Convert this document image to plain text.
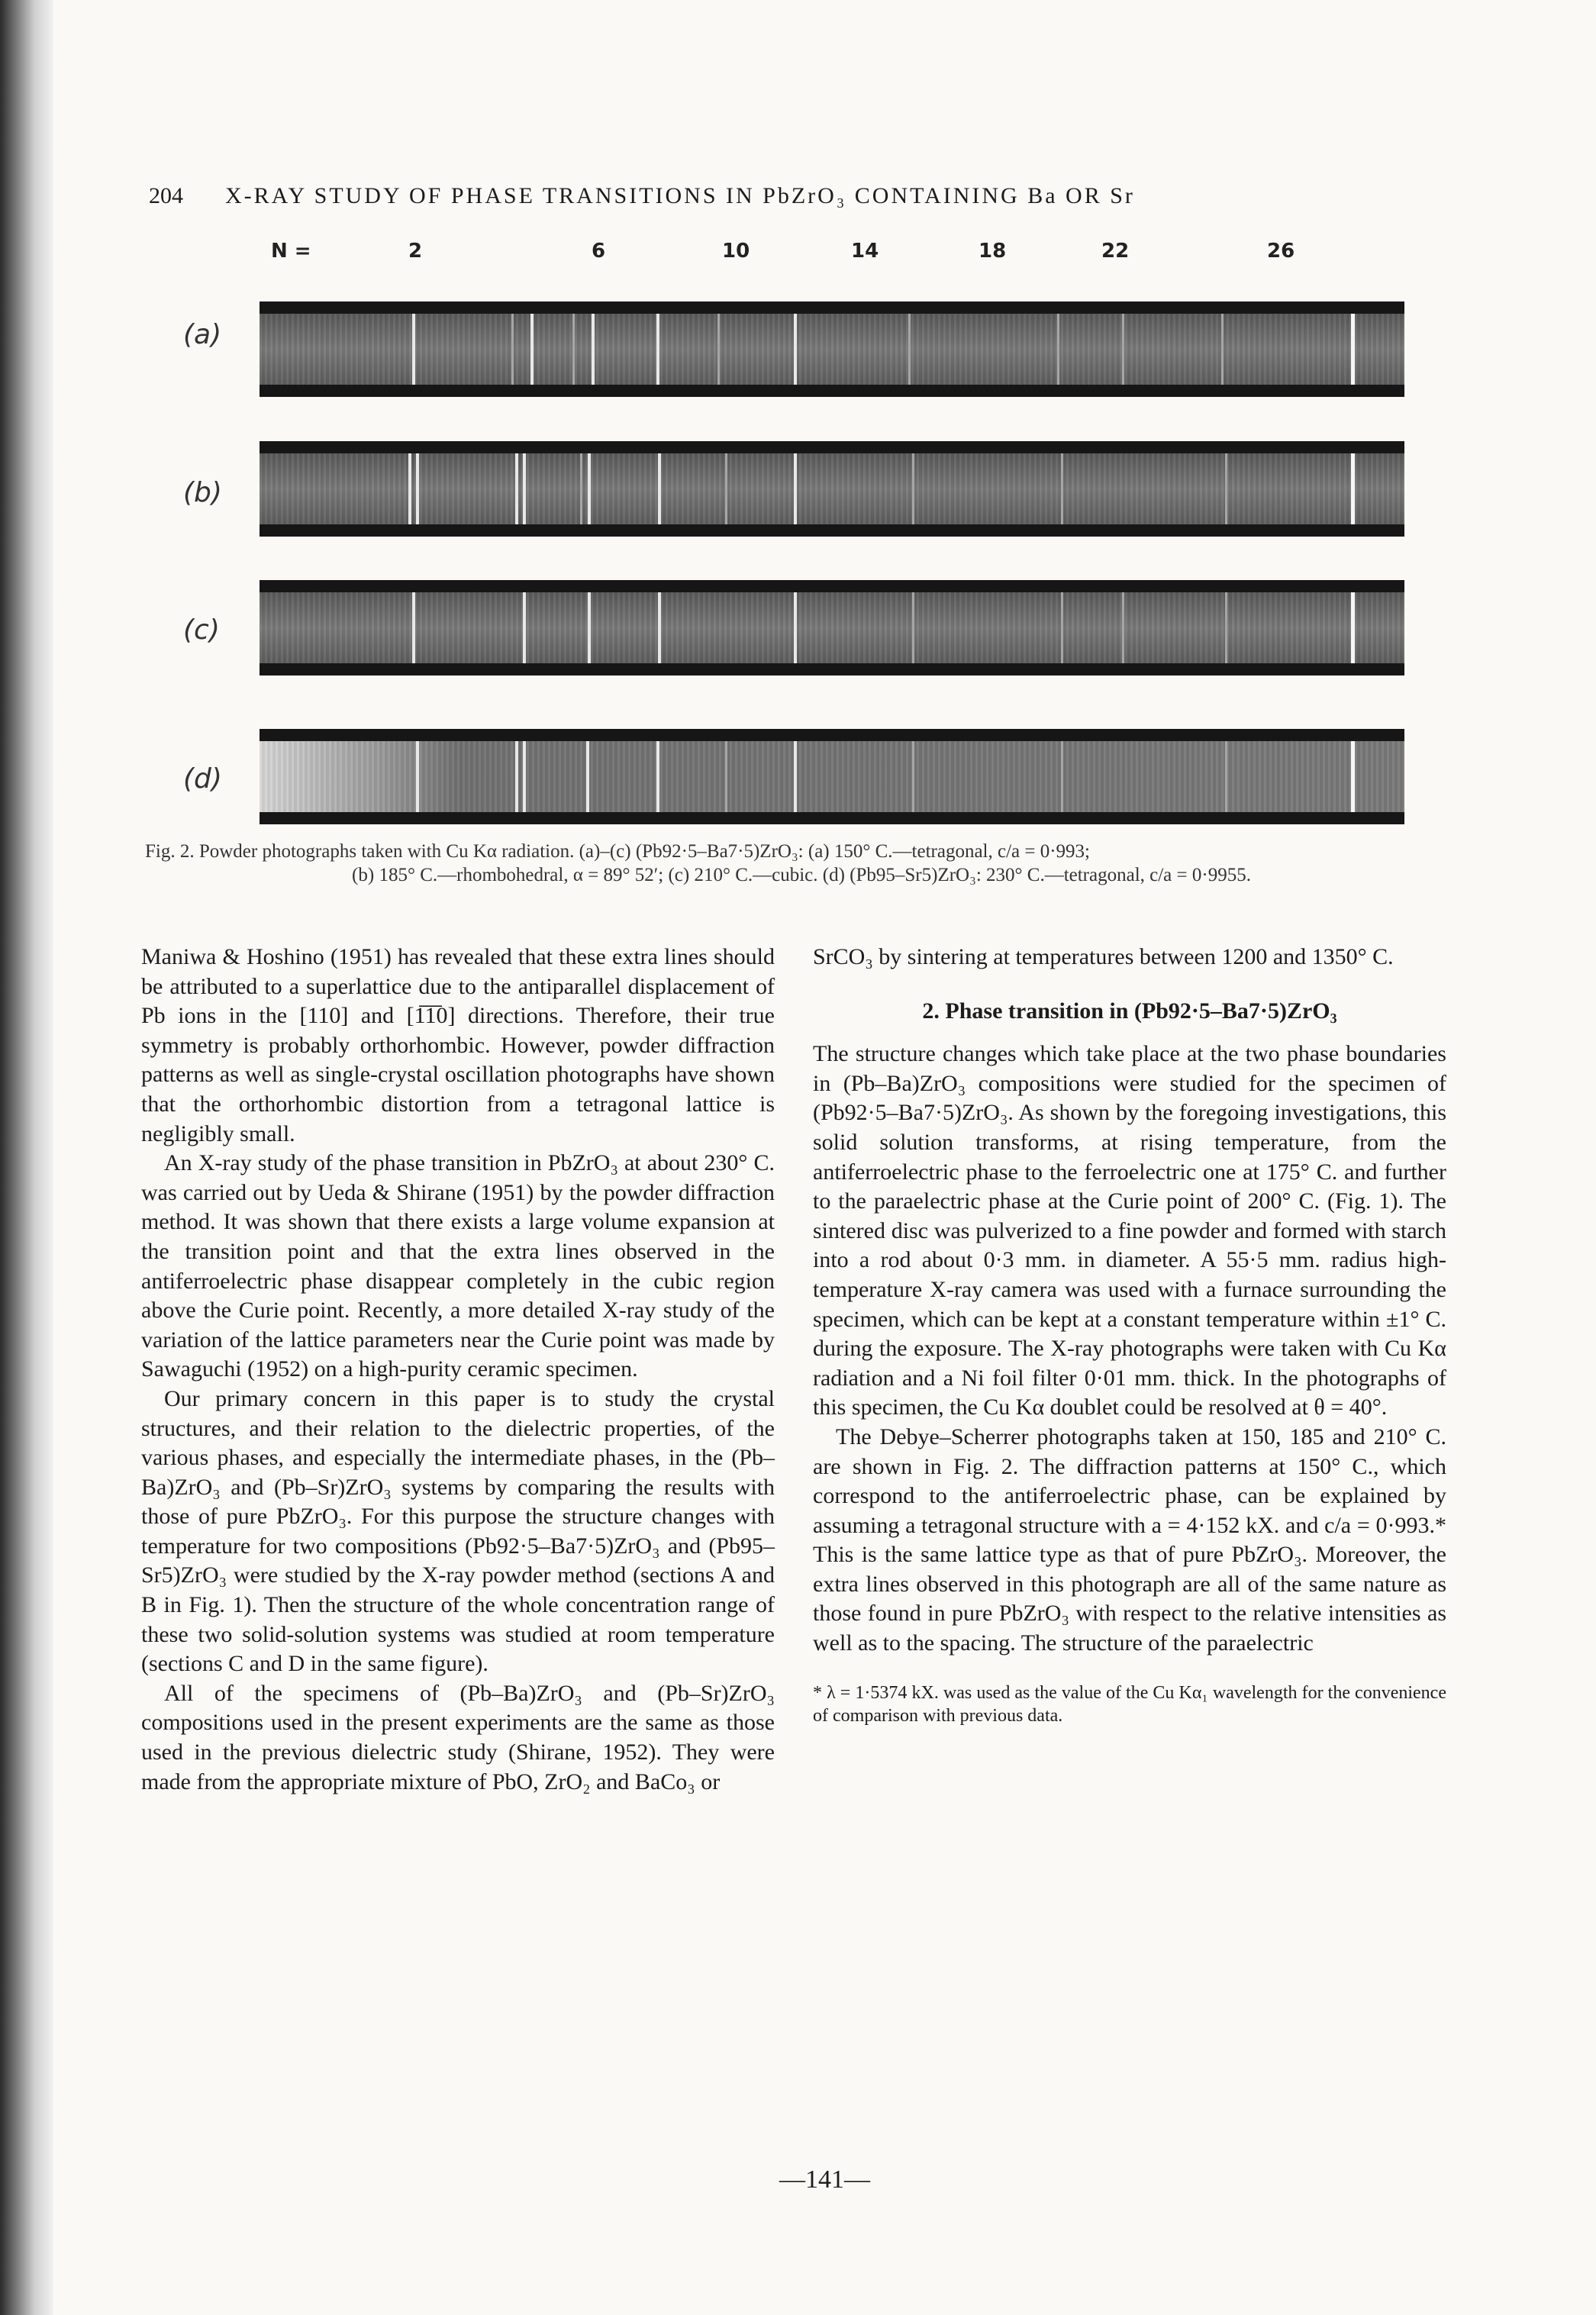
204 X-RAY STUDY OF PHASE TRANSITIONS IN PbZrO₃ CONTAINING Ba OR Sr
N =	2	6	10	14	18	22	26
(a)
(b)
(c)
(d)
Fig. 2. Powder photographs taken with Cu Kα radiation. (a)–(c) (Pb92·5–Ba7·5)ZrO₃: (a) 150° C.—tetragonal, c/a = 0·993;
(b) 185° C.—rhombohedral, α = 89° 52′; (c) 210° C.—cubic. (d) (Pb95–Sr5)ZrO₃: 230° C.—tetragonal, c/a = 0·9955.

Maniwa & Hoshino (1951) has revealed that these extra lines should be attributed to a superlattice due to the antiparallel displacement of Pb ions in the [110] and [1̅1̅0] directions. Therefore, their true symmetry is probably orthorhombic. However, powder diffraction patterns as well as single-crystal oscillation photographs have shown that the orthorhombic distortion from a tetragonal lattice is negligibly small.

An X-ray study of the phase transition in PbZrO₃ at about 230° C. was carried out by Ueda & Shirane (1951) by the powder diffraction method. It was shown that there exists a large volume expansion at the transition point and that the extra lines observed in the antiferroelectric phase disappear completely in the cubic region above the Curie point. Recently, a more detailed X-ray study of the variation of the lattice parameters near the Curie point was made by Sawaguchi (1952) on a high-purity ceramic specimen.

Our primary concern in this paper is to study the crystal structures, and their relation to the dielectric properties, of the various phases, and especially the intermediate phases, in the (Pb–Ba)ZrO₃ and (Pb–Sr)ZrO₃ systems by comparing the results with those of pure PbZrO₃. For this purpose the structure changes with temperature for two compositions (Pb92·5–Ba7·5)ZrO₃ and (Pb95–Sr5)ZrO₃ were studied by the X-ray powder method (sections A and B in Fig. 1). Then the structure of the whole concentration range of these two solid-solution systems was studied at room temperature (sections C and D in the same figure).

All of the specimens of (Pb–Ba)ZrO₃ and (Pb–Sr)ZrO₃ compositions used in the present experiments are the same as those used in the previous dielectric study (Shirane, 1952). They were made from the appropriate mixture of PbO, ZrO₂ and BaCo₃ or

SrCO₃ by sintering at temperatures between 1200 and 1350° C.

2. Phase transition in (Pb92·5–Ba7·5)ZrO₃

The structure changes which take place at the two phase boundaries in (Pb–Ba)ZrO₃ compositions were studied for the specimen of (Pb92·5–Ba7·5)ZrO₃. As shown by the foregoing investigations, this solid solution transforms, at rising temperature, from the antiferroelectric phase to the ferroelectric one at 175° C. and further to the paraelectric phase at the Curie point of 200° C. (Fig. 1). The sintered disc was pulverized to a fine powder and formed with starch into a rod about 0·3 mm. in diameter. A 55·5 mm. radius high-temperature X-ray camera was used with a furnace surrounding the specimen, which can be kept at a constant temperature within ±1° C. during the exposure. The X-ray photographs were taken with Cu Kα radiation and a Ni foil filter 0·01 mm. thick. In the photographs of this specimen, the Cu Kα doublet could be resolved at θ = 40°.

The Debye–Scherrer photographs taken at 150, 185 and 210° C. are shown in Fig. 2. The diffraction patterns at 150° C., which correspond to the antiferroelectric phase, can be explained by assuming a tetragonal structure with a = 4·152 kX. and c/a = 0·993.* This is the same lattice type as that of pure PbZrO₃. Moreover, the extra lines observed in this photograph are all of the same nature as those found in pure PbZrO₃ with respect to the relative intensities as well as to the spacing. The structure of the paraelectric

* λ = 1·5374 kX. was used as the value of the Cu Kα₁ wavelength for the convenience of comparison with previous data.
—141—
